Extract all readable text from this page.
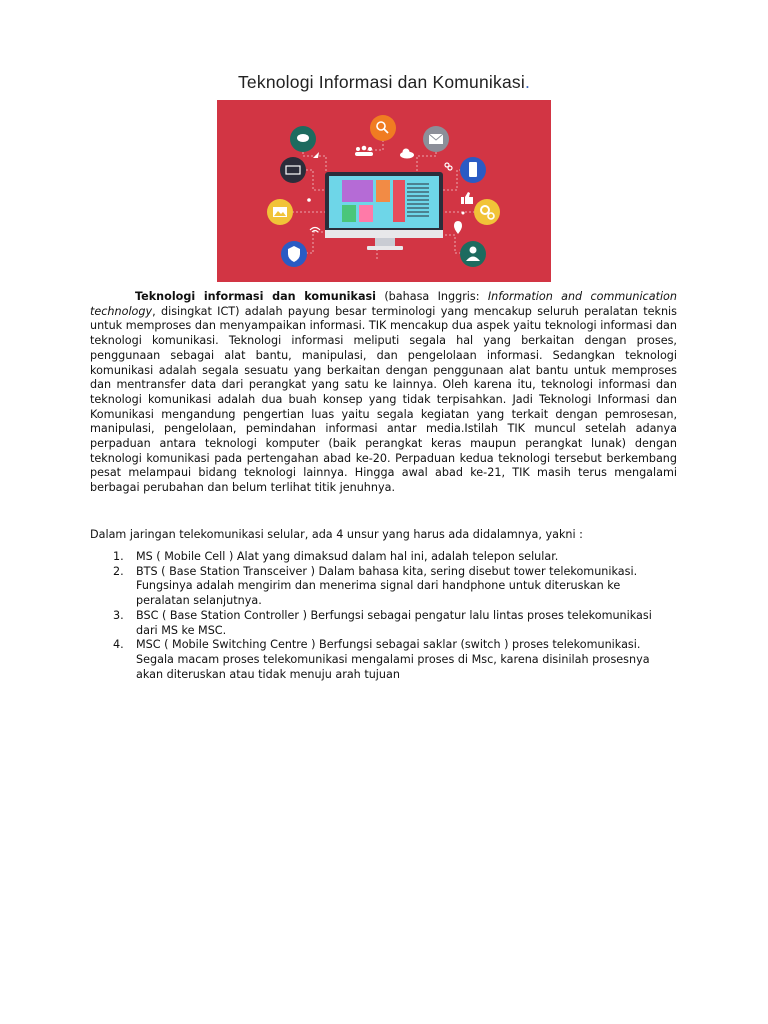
Teknologi Informasi dan Komunikasi.

Teknologi informasi dan komunikasi (bahasa Inggris: Information and communication technology, disingkat ICT) adalah payung besar terminologi yang mencakup seluruh peralatan teknis untuk memproses dan menyampaikan informasi. TIK mencakup dua aspek yaitu teknologi informasi dan teknologi komunikasi. Teknologi informasi meliputi segala hal yang berkaitan dengan proses, penggunaan sebagai alat bantu, manipulasi, dan pengelolaan informasi. Sedangkan teknologi komunikasi adalah segala sesuatu yang berkaitan dengan penggunaan alat bantu untuk memproses dan mentransfer data dari perangkat yang satu ke lainnya. Oleh karena itu, teknologi informasi dan teknologi komunikasi adalah dua buah konsep yang tidak terpisahkan. Jadi Teknologi Informasi dan Komunikasi mengandung pengertian luas yaitu segala kegiatan yang terkait dengan pemrosesan, manipulasi, pengelolaan, pemindahan informasi antar media.Istilah TIK muncul setelah adanya perpaduan antara teknologi komputer (baik perangkat keras maupun perangkat lunak) dengan teknologi komunikasi pada pertengahan abad ke-20. Perpaduan kedua teknologi tersebut berkembang pesat melampaui bidang teknologi lainnya. Hingga awal abad ke-21, TIK masih terus mengalami berbagai perubahan dan belum terlihat titik jenuhnya.

Dalam jaringan telekomunikasi selular, ada 4 unsur yang harus ada didalamnya, yakni :

1. MS ( Mobile Cell ) Alat yang dimaksud dalam hal ini, adalah telepon selular.
2. BTS ( Base Station Transceiver ) Dalam bahasa kita, sering disebut tower telekomunikasi. Fungsinya adalah mengirim dan menerima signal dari handphone untuk diteruskan ke peralatan selanjutnya.
3. BSC ( Base Station Controller ) Berfungsi sebagai pengatur lalu lintas proses telekomunikasi dari MS ke MSC.
4. MSC ( Mobile Switching Centre ) Berfungsi sebagai saklar (switch ) proses telekomunikasi. Segala macam proses telekomunikasi mengalami proses di Msc, karena disinilah prosesnya akan diteruskan atau tidak menuju arah tujuan
